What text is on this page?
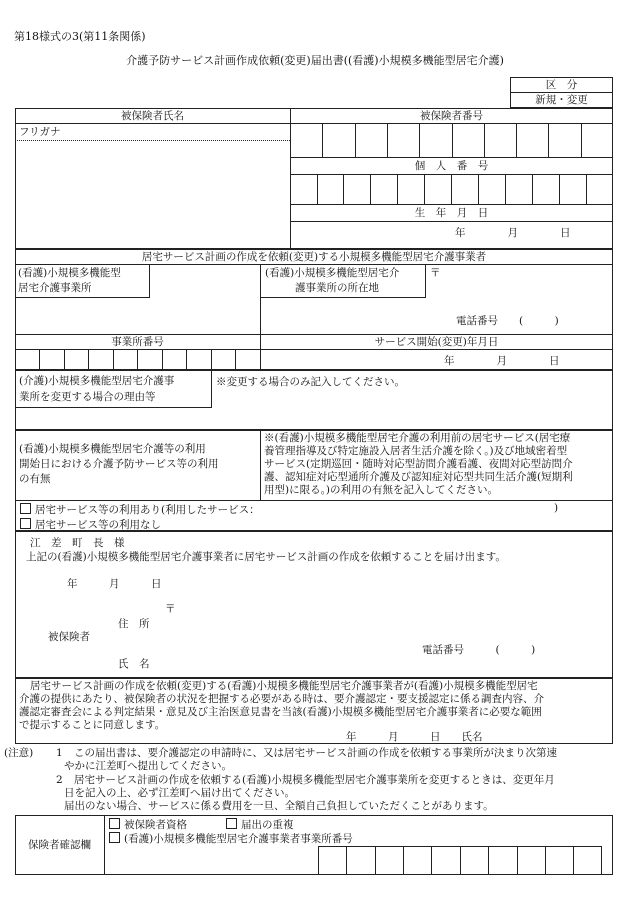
第18様式の3(第11条関係)
介護予防サービス計画作成依頼(変更)届出書((看護)小規模多機能型居宅介護)
区　分
新規・変更
被保険者氏名	被保険者番号
フリガナ
個　人　番　号
生　年　月　日
年　　　　月　　　　日
居宅サービス計画の作成を依頼(変更)する小規模多機能型居宅介護事業者
(看護)小規模多機能型
居宅介護事業所
(看護)小規模多機能型居宅介
護事業所の所在地
〒
電話番号　　(　　　)
事業所番号	サービス開始(変更)年月日
年　　　　月　　　　日
(介護)小規模多機能型居宅介護事
業所を変更する場合の理由等
※変更する場合のみ記入してください。
(看護)小規模多機能型居宅介護等の利用
開始日における介護予防サービス等の利用
の有無
※(看護)小規模多機能型居宅介護の利用前の居宅サービス(居宅療
養管理指導及び特定施設入居者生活介護を除く。)及び地域密着型
サービス(定期巡回・随時対応型訪問介護看護、夜間対応型訪問介
護、認知症対応型通所介護及び認知症対応型共同生活介護(短期利
用型)に限る。)の利用の有無を記入してください。
居宅サービス等の利用あり(利用したサービス：	)
居宅サービス等の利用なし
江　差　町　長　様
上記の(看護)小規模多機能型居宅介護事業者に居宅サービス計画の作成を依頼することを届け出ます。
年　　　月　　　日
〒
住　所
被保険者
電話番号　　　(　　　)
氏　名
居宅サービス計画の作成を依頼(変更)する(看護)小規模多機能型居宅介護事業者が(看護)小規模多機能型居宅
介護の提供にあたり、被保険者の状況を把握する必要がある時は、要介護認定・要支援認定に係る調査内容、介
護認定審査会による判定結果・意見及び主治医意見書を当該(看護)小規模多機能型居宅介護事業者に必要な範囲
で提示することに同意します。
年　　　月　　　日　　氏名
(注意) 1 この届出書は、要介護認定の申請時に、又は居宅サービス計画の作成を依頼する事業所が決まり次第速
やかに江差町へ提出してください。
2 居宅サービス計画の作成を依頼する(看護)小規模多機能型居宅介護事業所を変更するときは、変更年月
日を記入の上、必ず江差町へ届け出てください。
届出のない場合、サービスに係る費用を一旦、全額自己負担していただくことがあります。
保険者確認欄
被保険者資格	届出の重複
(看護)小規模多機能型居宅介護事業者事業所番号
